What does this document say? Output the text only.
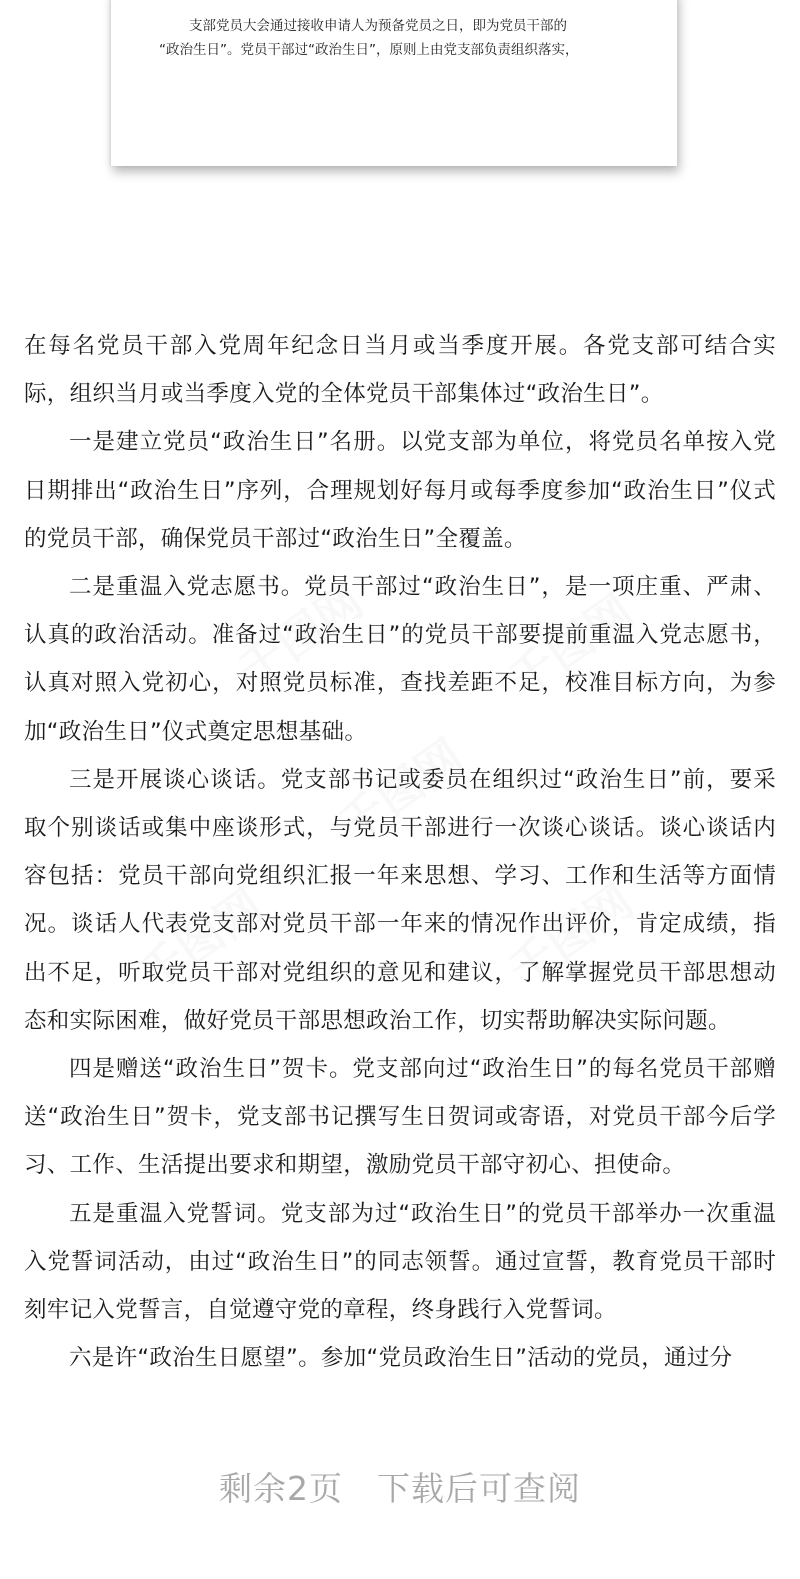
支部党员大会通过接收申请人为预备党员之日，即为党员干部的

“政治生日”。党员干部过“政治生日”，原则上由党支部负责组织落实，

千图网	千图网
千图网	千图网
千图网

在每名党员干部入党周年纪念日当月或当季度开展。各党支部可结合实际，组织当月或当季度入党的全体党员干部集体过“政治生日”。

一是建立党员“政治生日”名册。以党支部为单位，将党员名单按入党日期排出“政治生日”序列，合理规划好每月或每季度参加“政治生日”仪式的党员干部，确保党员干部过“政治生日”全覆盖。

二是重温入党志愿书。党员干部过“政治生日”，是一项庄重、严肃、认真的政治活动。准备过“政治生日”的党员干部要提前重温入党志愿书，认真对照入党初心，对照党员标准，查找差距不足，校准目标方向，为参加“政治生日”仪式奠定思想基础。

三是开展谈心谈话。党支部书记或委员在组织过“政治生日”前，要采取个别谈话或集中座谈形式，与党员干部进行一次谈心谈话。谈心谈话内容包括：党员干部向党组织汇报一年来思想、学习、工作和生活等方面情况。谈话人代表党支部对党员干部一年来的情况作出评价，肯定成绩，指出不足，听取党员干部对党组织的意见和建议，了解掌握党员干部思想动态和实际困难，做好党员干部思想政治工作，切实帮助解决实际问题。

四是赠送“政治生日”贺卡。党支部向过“政治生日”的每名党员干部赠送“政治生日”贺卡，党支部书记撰写生日贺词或寄语，对党员干部今后学习、工作、生活提出要求和期望，激励党员干部守初心、担使命。

五是重温入党誓词。党支部为过“政治生日”的党员干部举办一次重温入党誓词活动，由过“政治生日”的同志领誓。通过宣誓，教育党员干部时刻牢记入党誓言，自觉遵守党的章程，终身践行入党誓词。

六是许“政治生日愿望”。参加“党员政治生日”活动的党员，通过分

剩余2页 下载后可查阅
